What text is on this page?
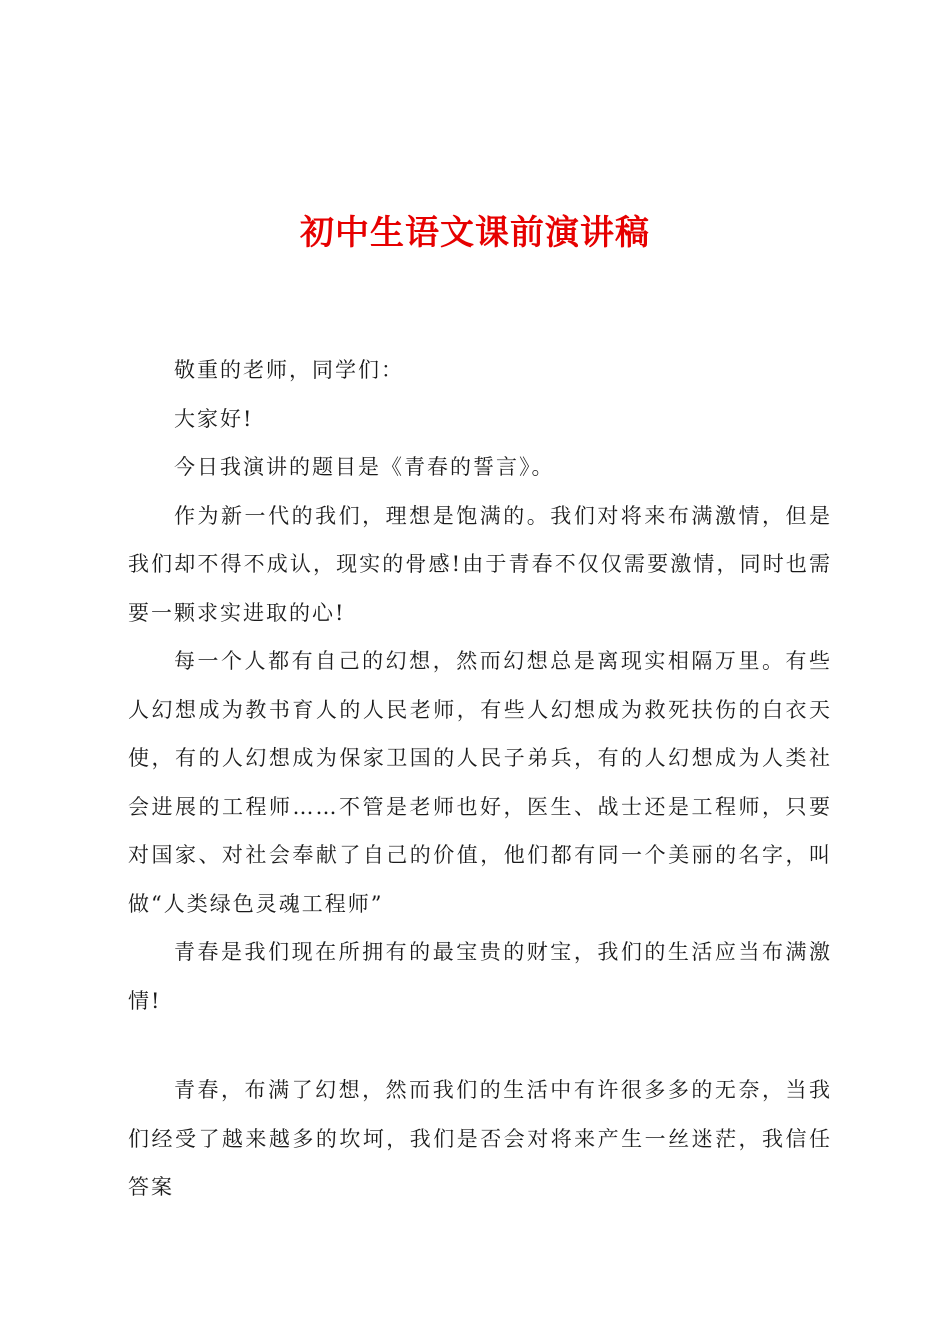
初中生语文课前演讲稿

敬重的老师，同学们：

大家好!

今日我演讲的题目是《青春的誓言》。

作为新一代的我们，理想是饱满的。我们对将来布满激情，但是我们却不得不成认，现实的骨感!由于青春不仅仅需要激情，同时也需要一颗求实进取的心!

每一个人都有自己的幻想，然而幻想总是离现实相隔万里。有些人幻想成为教书育人的人民老师，有些人幻想成为救死扶伤的白衣天使，有的人幻想成为保家卫国的人民子弟兵，有的人幻想成为人类社会进展的工程师……不管是老师也好，医生、战士还是工程师，只要对国家、对社会奉献了自己的价值，他们都有同一个美丽的名字，叫做“人类绿色灵魂工程师”

青春是我们现在所拥有的最宝贵的财宝，我们的生活应当布满激情!

青春，布满了幻想，然而我们的生活中有许很多多的无奈，当我们经受了越来越多的坎坷，我们是否会对将来产生一丝迷茫，我信任答案
